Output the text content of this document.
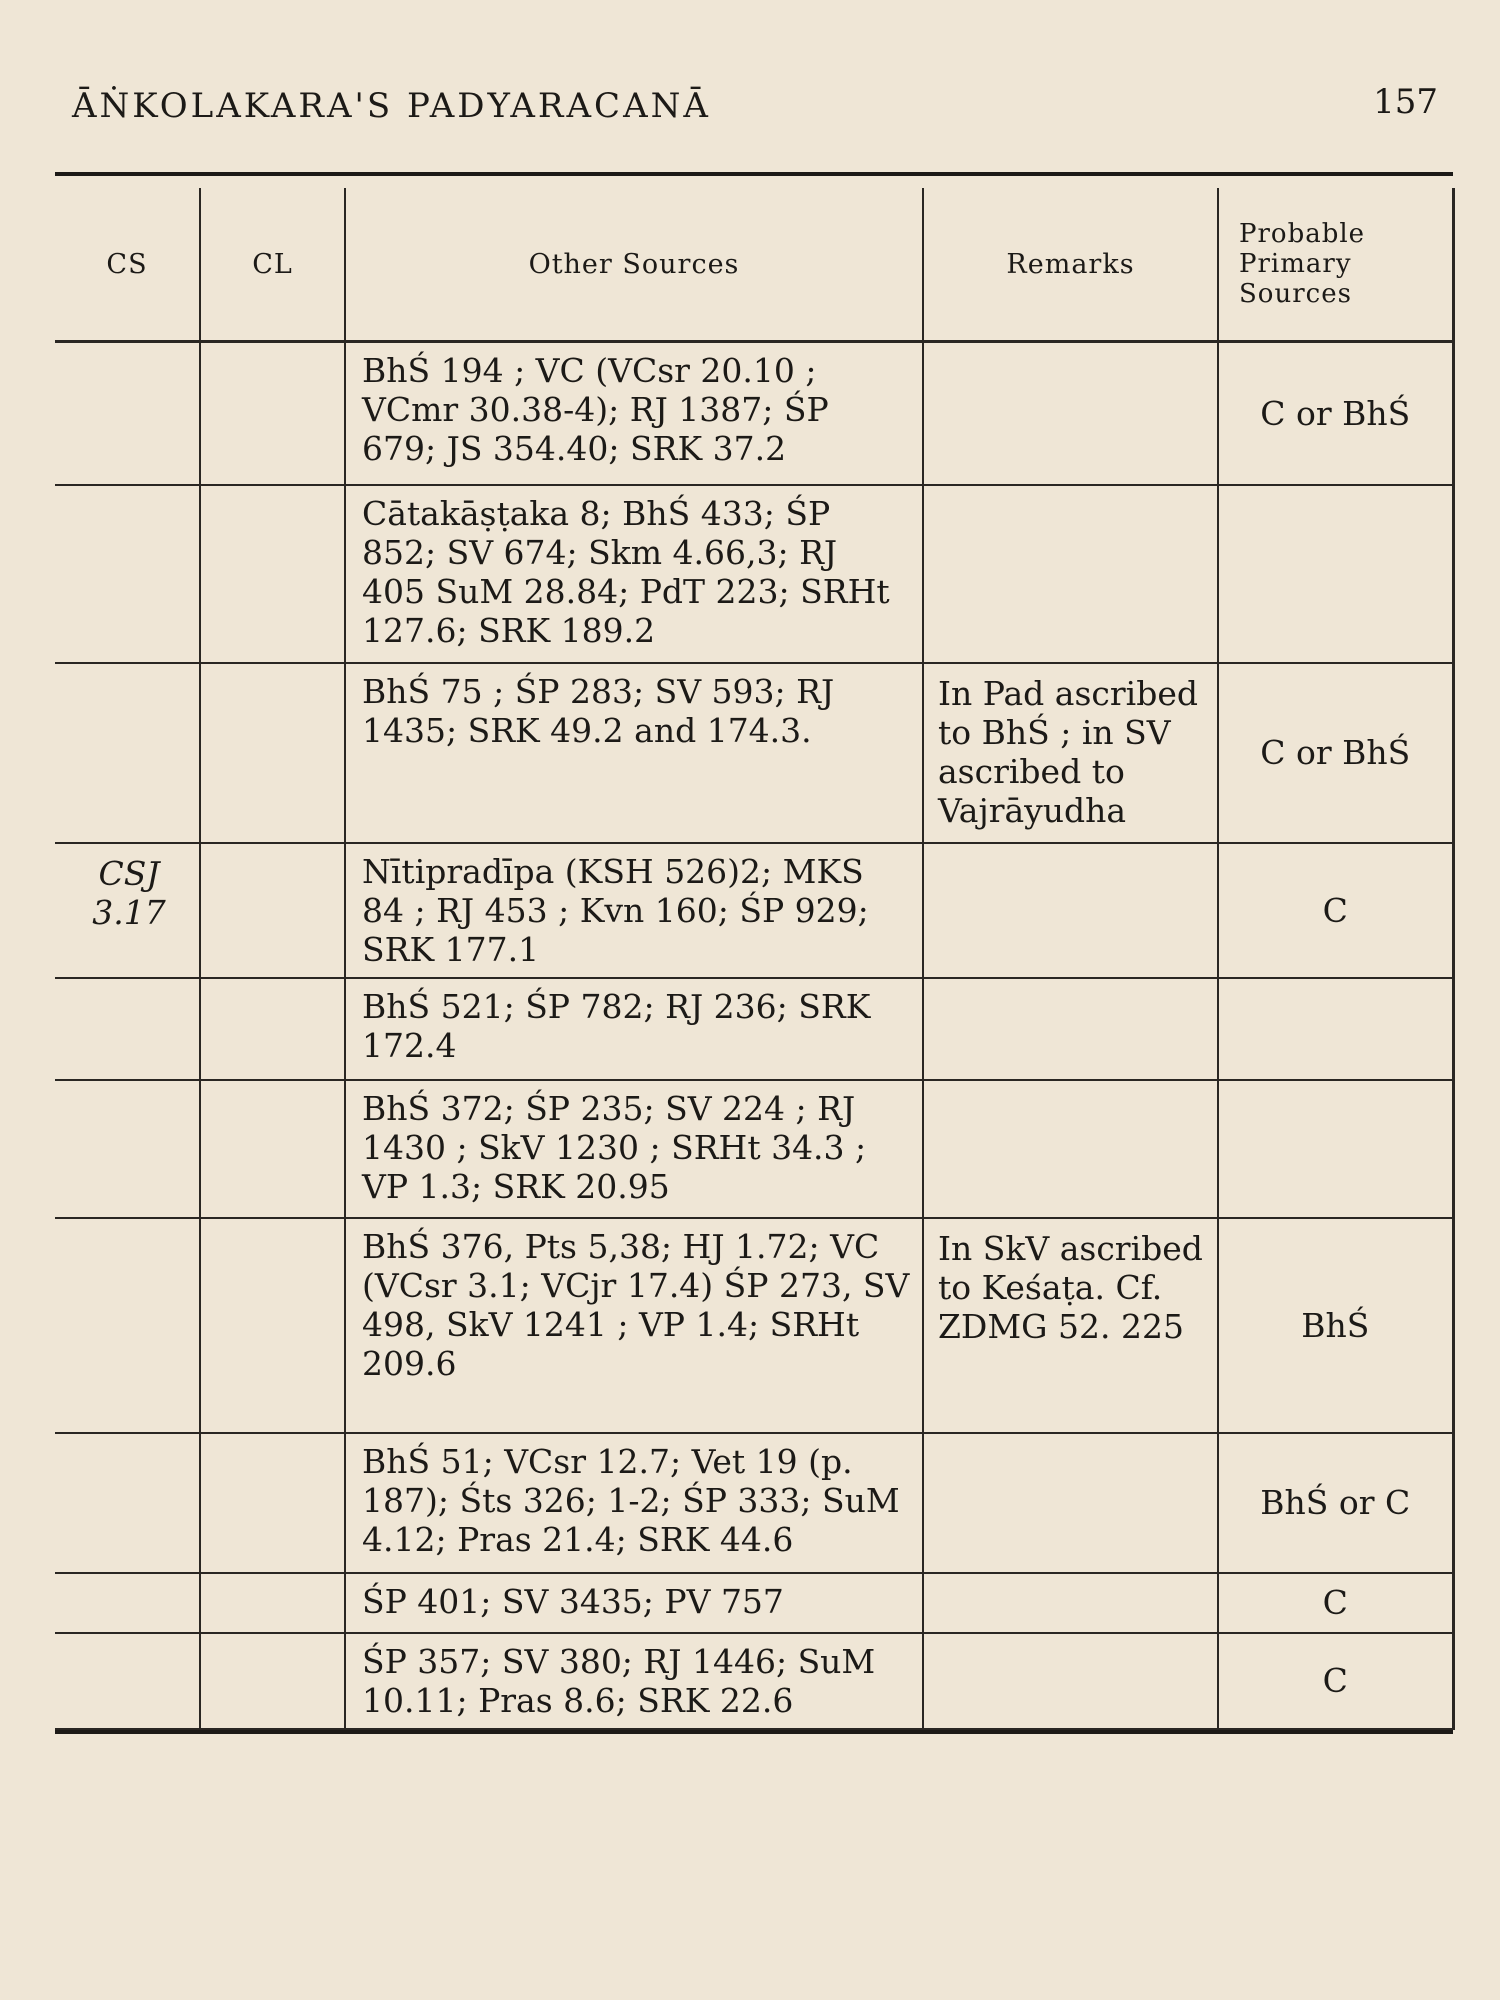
ĀṄKOLAKARA'S PADYARACANĀ	157
CS	CL	Other Sources	Remarks	Probable Primary Sources
		BhŚ 194 ; VC (VCsr 20.10 ; VCmr 30.38-4); RJ 1387; ŚP 679; JS 354.40; SRK 37.2		C or BhŚ
		Cātakāṣṭaka 8; BhŚ 433; ŚP 852; SV 674; Skm 4.66,3; RJ 405 SuM 28.84; PdT 223; SRHt 127.6; SRK 189.2		
		BhŚ 75 ; ŚP 283; SV 593; RJ 1435; SRK 49.2 and 174.3.	In Pad ascribed to BhŚ ; in SV ascribed to Vajrāyudha	C or BhŚ
CSJ 3.17		Nītipradīpa (KSH 526)2; MKS 84 ; RJ 453 ; Kvn 160; ŚP 929; SRK 177.1		C
		BhŚ 521; ŚP 782; RJ 236; SRK 172.4		
		BhŚ 372; ŚP 235; SV 224 ; RJ 1430 ; SkV 1230 ; SRHt 34.3 ; VP 1.3; SRK 20.95		
		BhŚ 376, Pts 5,38; HJ 1.72; VC (VCsr 3.1; VCjr 17.4) ŚP 273, SV 498, SkV 1241 ; VP 1.4; SRHt 209.6	In SkV ascribed to Keśaṭa. Cf. ZDMG 52. 225	BhŚ
		BhŚ 51; VCsr 12.7; Vet 19 (p. 187); Śts 326; 1-2; ŚP 333; SuM 4.12; Pras 21.4; SRK 44.6		BhŚ or C
		ŚP 401; SV 3435; PV 757		C
		ŚP 357; SV 380; RJ 1446; SuM 10.11; Pras 8.6; SRK 22.6		C
